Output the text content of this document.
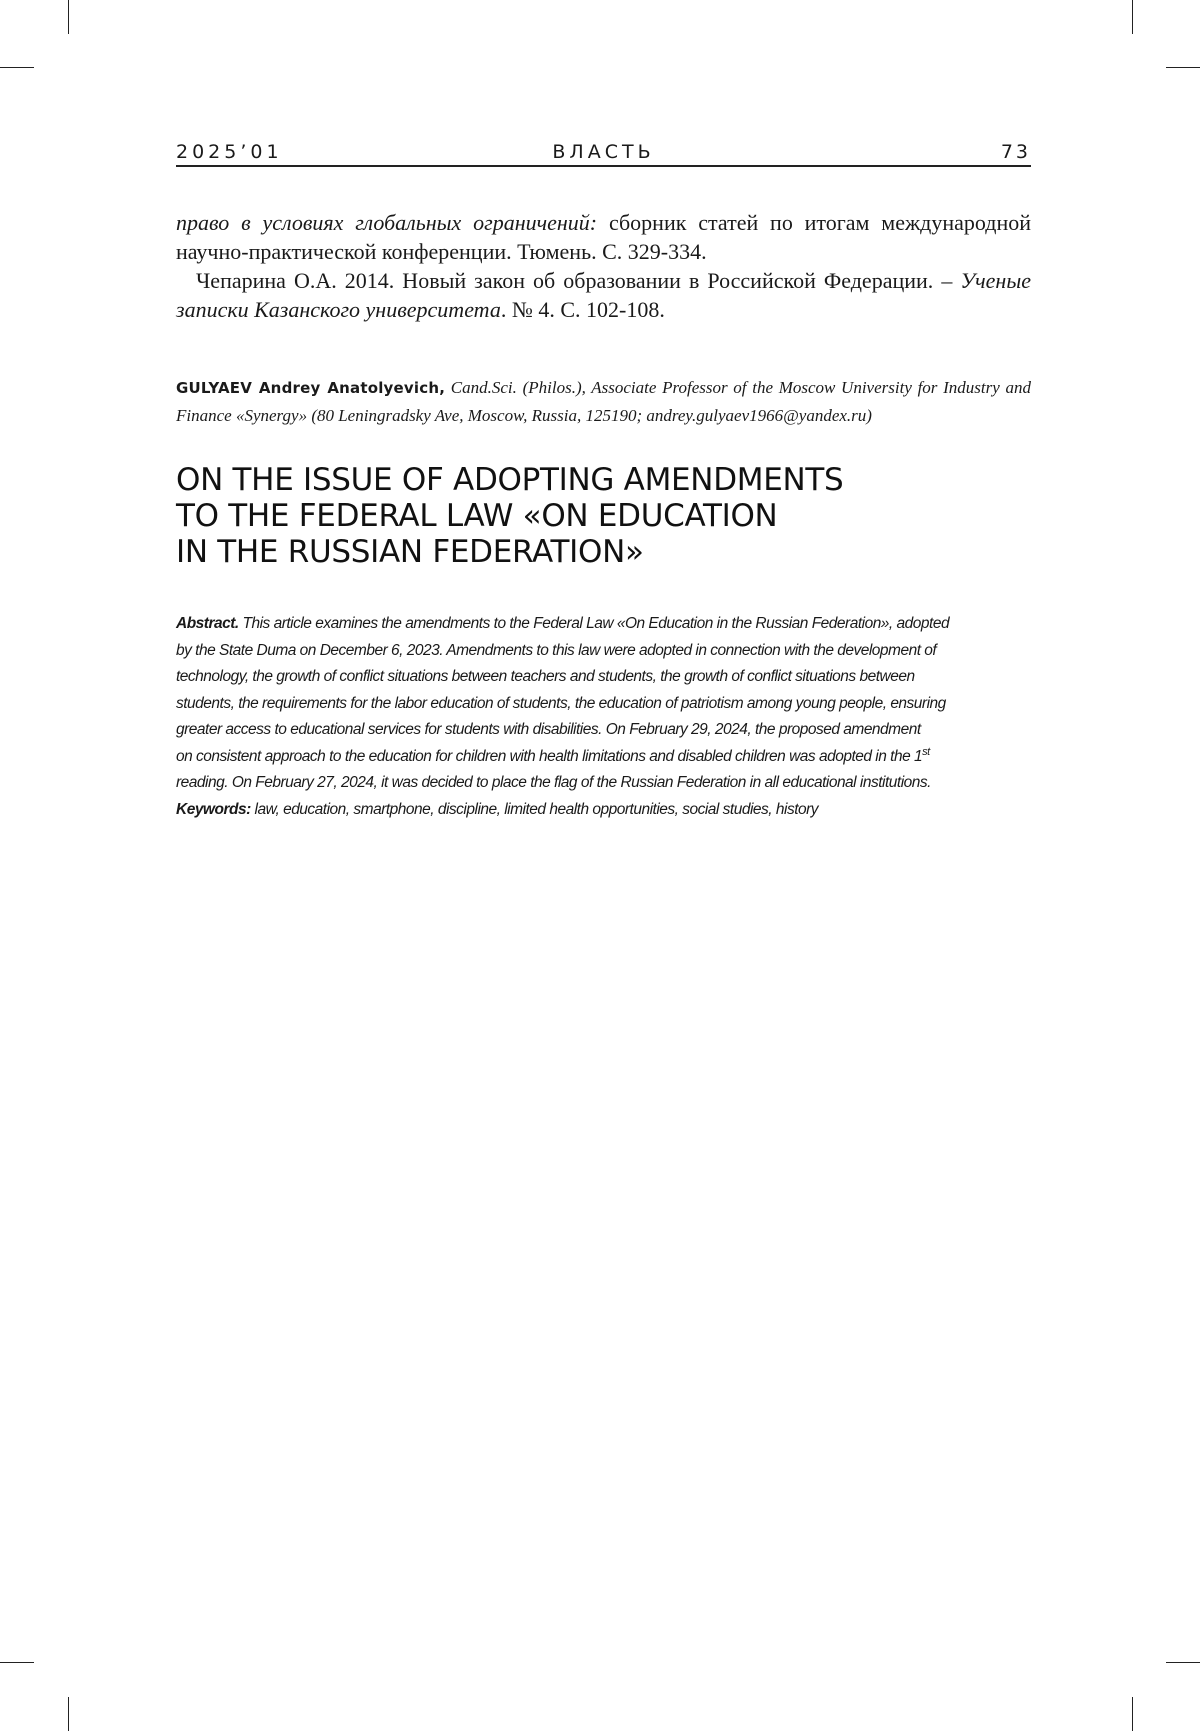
2025’01	ВЛАСТЬ	73

право в условиях глобальных ограничений: сборник статей по итогам международной научно-практической конференции. Тюмень. С. 329-334.

Чепарина О.А. 2014. Новый закон об образовании в Российской Федерации. – Ученые записки Казанского университета. № 4. С. 102-108.

GULYAEV Andrey Anatolyevich, Cand.Sci. (Philos.), Associate Professor of the Moscow University for Industry and Finance «Synergy» (80 Leningradsky Ave, Moscow, Russia, 125190; andrey.gulyaev1966@yandex.ru)
ON THE ISSUE OF ADOPTING AMENDMENTS
TO THE FEDERAL LAW «ON EDUCATION
IN THE RUSSIAN FEDERATION»
Abstract. This article examines the amendments to the Federal Law «On Education in the Russian Federation», adopted
by the State Duma on December 6, 2023. Amendments to this law were adopted in connection with the development of
technology, the growth of conflict situations between teachers and students, the growth of conflict situations between
students, the requirements for the labor education of students, the education of patriotism among young people, ensuring
greater access to educational services for students with disabilities. On February 29, 2024, the proposed amendment
on consistent approach to the education for children with health limitations and disabled children was adopted in the 1st
reading. On February 27, 2024, it was decided to place the flag of the Russian Federation in all educational institutions.
Keywords: law, education, smartphone, discipline, limited health opportunities, social studies, history
